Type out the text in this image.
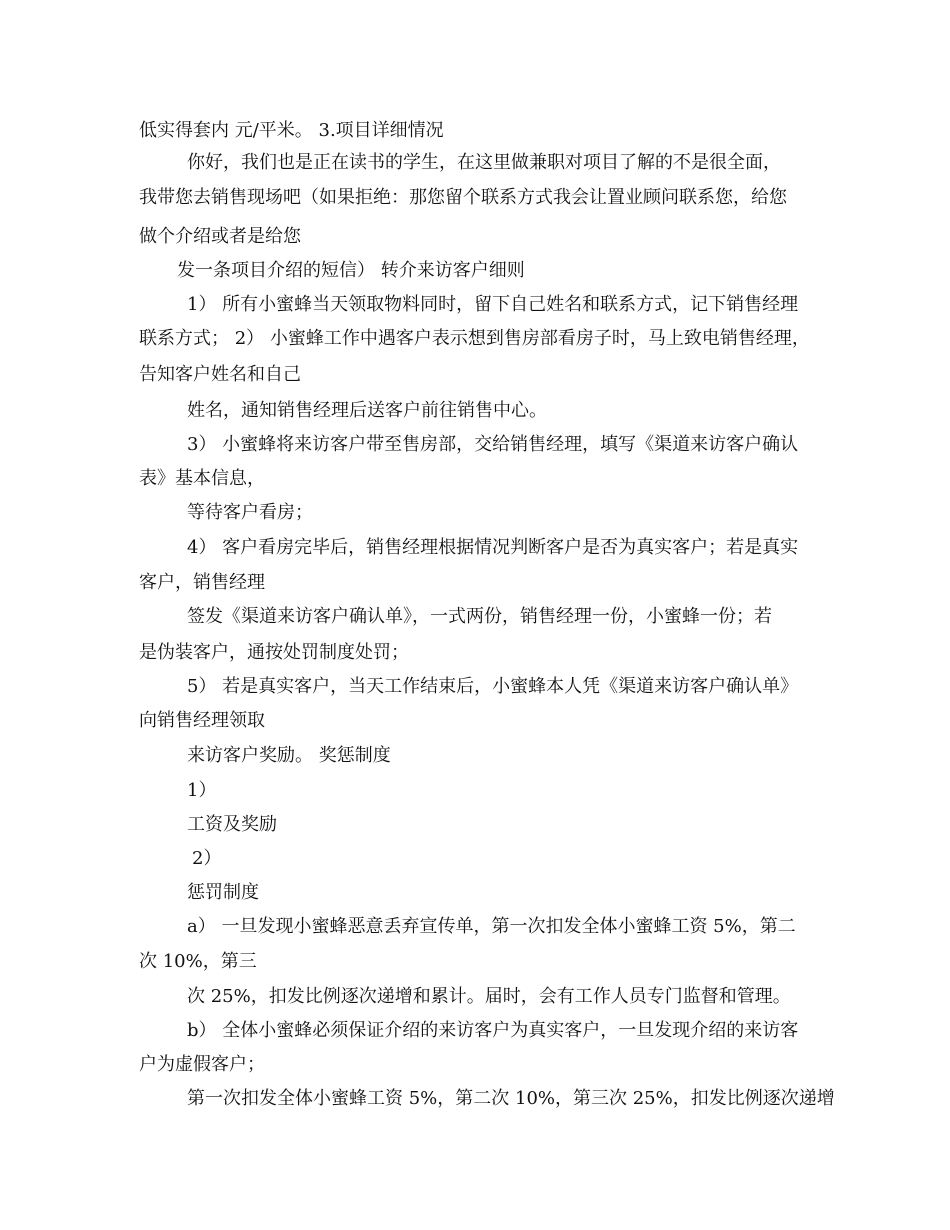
低实得套内 元/平米。 3.项目详细情况
你好，我们也是正在读书的学生，在这里做兼职对项目了解的不是很全面，
我带您去销售现场吧（如果拒绝：那您留个联系方式我会让置业顾问联系您，给您
做个介绍或者是给您
发一条项目介绍的短信） 转介来访客户细则
1） 所有小蜜蜂当天领取物料同时，留下自己姓名和联系方式，记下销售经理
联系方式； 2） 小蜜蜂工作中遇客户表示想到售房部看房子时，马上致电销售经理，
告知客户姓名和自己
姓名，通知销售经理后送客户前往销售中心。
3） 小蜜蜂将来访客户带至售房部，交给销售经理，填写《渠道来访客户确认
表》基本信息，
等待客户看房；
4） 客户看房完毕后，销售经理根据情况判断客户是否为真实客户；若是真实
客户，销售经理
签发《渠道来访客户确认单》，一式两份，销售经理一份，小蜜蜂一份；若
是伪装客户，通按处罚制度处罚；
5） 若是真实客户，当天工作结束后，小蜜蜂本人凭《渠道来访客户确认单》
向销售经理领取
来访客户奖励。 奖惩制度
1）
工资及奖励
2）
惩罚制度
a） 一旦发现小蜜蜂恶意丢弃宣传单，第一次扣发全体小蜜蜂工资 5%，第二
次 10%，第三
次 25%，扣发比例逐次递增和累计。届时，会有工作人员专门监督和管理。
b） 全体小蜜蜂必须保证介绍的来访客户为真实客户，一旦发现介绍的来访客
户为虚假客户；
第一次扣发全体小蜜蜂工资 5%，第二次 10%，第三次 25%，扣发比例逐次递增
